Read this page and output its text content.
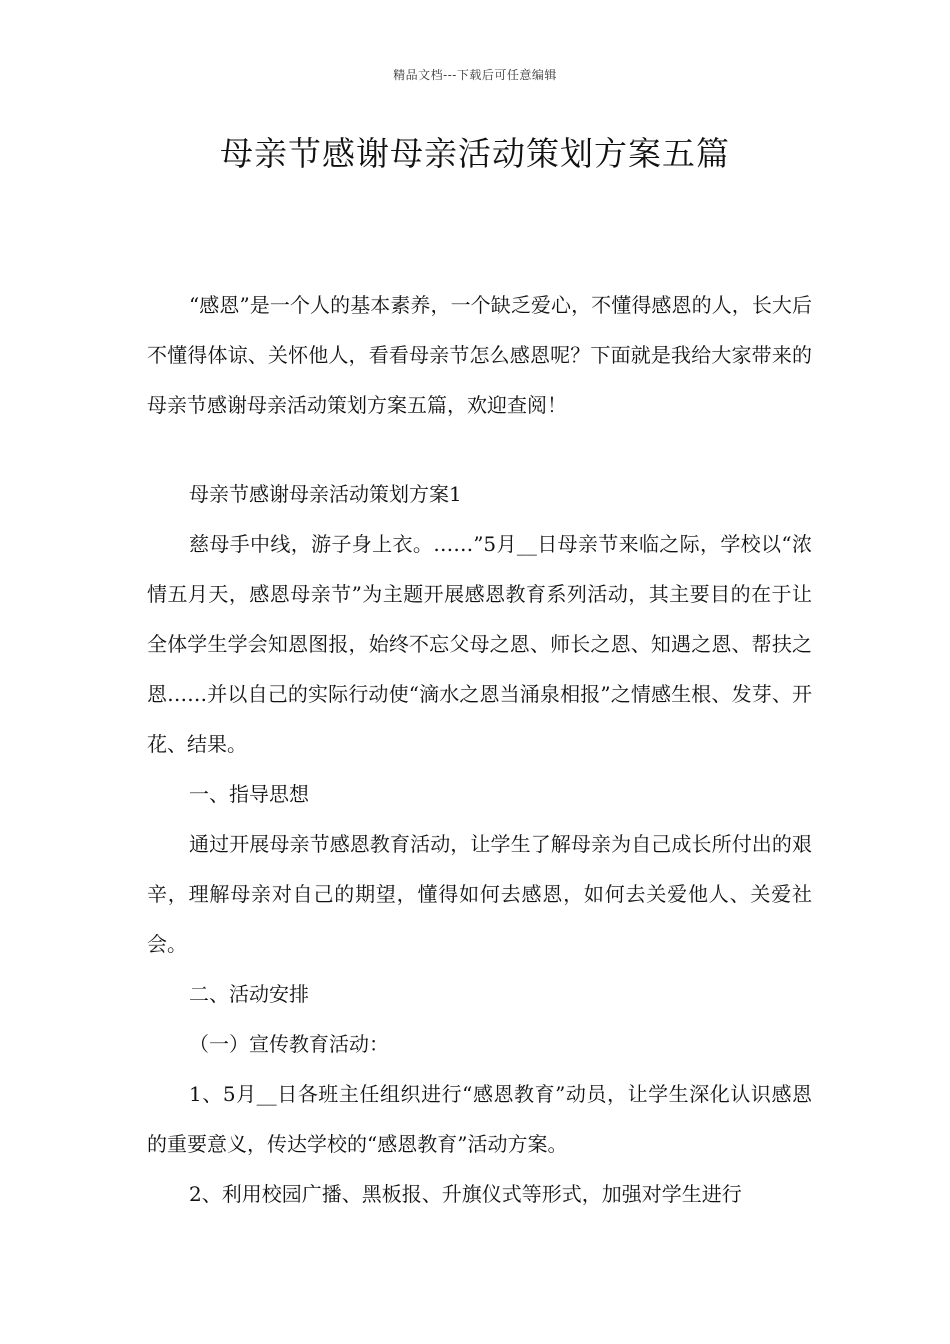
精品文档---下载后可任意编辑
母亲节感谢母亲活动策划方案五篇

“感恩”是一个人的基本素养，一个缺乏爱心，不懂得感恩的人，长大后不懂得体谅、关怀他人，看看母亲节怎么感恩呢？下面就是我给大家带来的母亲节感谢母亲活动策划方案五篇，欢迎查阅！

母亲节感谢母亲活动策划方案1

慈母手中线，游子身上衣。……”5月__日母亲节来临之际，学校以“浓情五月天，感恩母亲节”为主题开展感恩教育系列活动，其主要目的在于让全体学生学会知恩图报，始终不忘父母之恩、师长之恩、知遇之恩、帮扶之恩……并以自己的实际行动使“滴水之恩当涌泉相报”之情感生根、发芽、开花、结果。

一、指导思想

通过开展母亲节感恩教育活动，让学生了解母亲为自己成长所付出的艰辛，理解母亲对自己的期望，懂得如何去感恩，如何去关爱他人、关爱社会。

二、活动安排

（一）宣传教育活动：

1、5月__日各班主任组织进行“感恩教育”动员，让学生深化认识感恩的重要意义，传达学校的“感恩教育”活动方案。

2、利用校园广播、黑板报、升旗仪式等形式，加强对学生进行
